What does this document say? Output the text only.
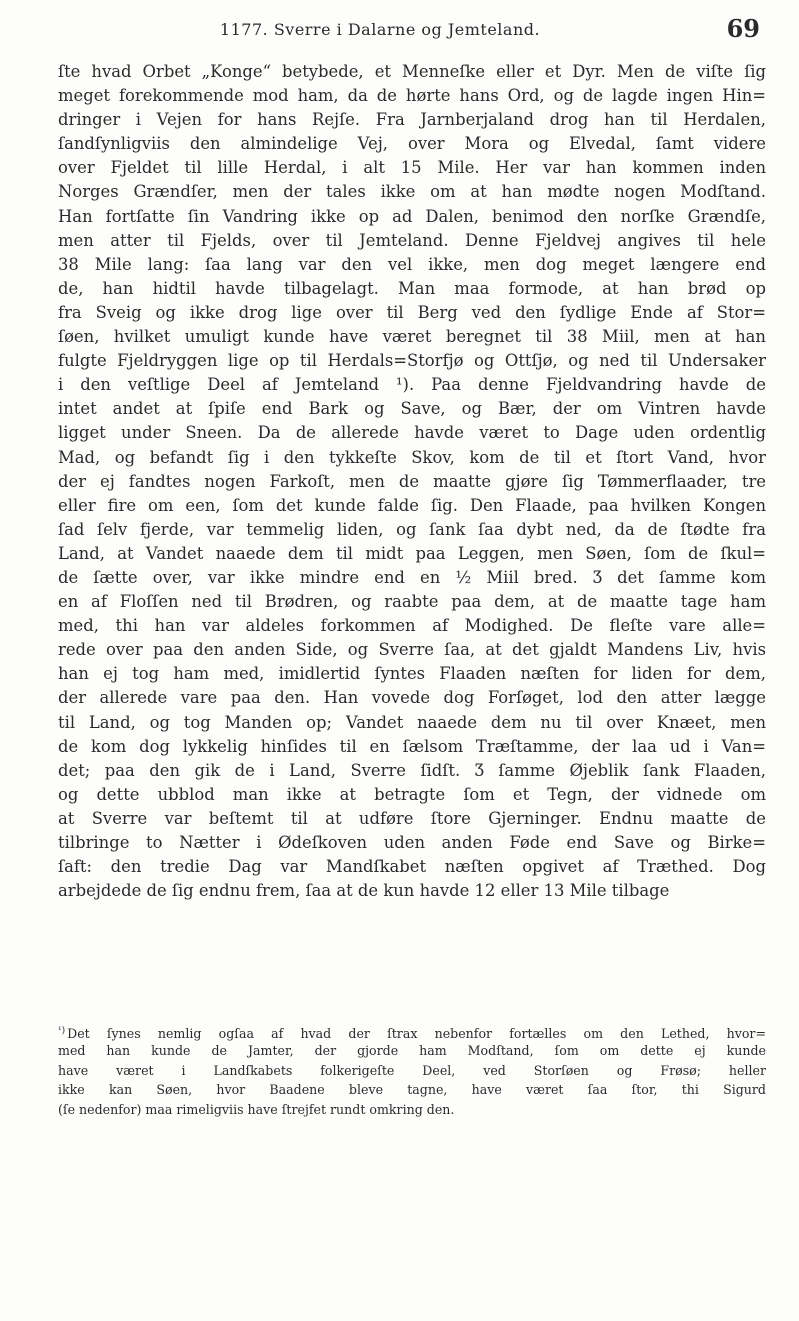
1177. Sverre i Dalarne og Jemteland.	69
ſte hvad Orbet „Konge“ betybede, et Menneſke eller et Dyr. Men de viſte ſig
meget forekommende mod ham, da de hørte hans Ord, og de lagde ingen Hin=
dringer i Vejen for hans Rejſe. Fra Jarnberjaland drog han til Herdalen,
ſandſynligviis den almindelige Vej, over Mora og Elvedal, ſamt videre
over Fjeldet til lille Herdal, i alt 15 Mile. Her var han kommen inden
Norges Grændſer, men der tales ikke om at han mødte nogen Modſtand.
Han fortſatte ſin Vandring ikke op ad Dalen, benimod den norſke Grændſe,
men atter til Fjelds, over til Jemteland. Denne Fjeldvej angives til hele
38 Mile lang: ſaa lang var den vel ikke, men dog meget længere end
de, han hidtil havde tilbagelagt. Man maa formode, at han brød op
fra Sveig og ikke drog lige over til Berg ved den ſydlige Ende af Stor=
ſøen, hvilket umuligt kunde have været beregnet til 38 Miil, men at han
fulgte Fjeldryggen lige op til Herdals=Storfjø og Ottſjø, og ned til Undersaker
i den veſtlige Deel af Jemteland ¹). Paa denne Fjeldvandring havde de
intet andet at ſpiſe end Bark og Save, og Bær, der om Vintren havde
ligget under Sneen. Da de allerede havde været to Dage uden ordentlig
Mad, og befandt ſig i den tykkeſte Skov, kom de til et ſtort Vand, hvor
der ej fandtes nogen Farkoſt, men de maatte gjøre ſig Tømmerflaader, tre
eller fire om een, ſom det kunde falde ſig. Den Flaade, paa hvilken Kongen
ſad ſelv fjerde, var temmelig liden, og ſank ſaa dybt ned, da de ſtødte fra
Land, at Vandet naaede dem til midt paa Leggen, men Søen, ſom de ſkul=
de ſætte over, var ikke mindre end en ½ Miil bred. Ʒ det ſamme kom
en af Floſſen ned til Brødren, og raabte paa dem, at de maatte tage ham
med, thi han var aldeles forkommen af Modighed. De fleſte vare alle=
rede over paa den anden Side, og Sverre ſaa, at det gjaldt Mandens Liv, hvis
han ej tog ham med, imidlertid ſyntes Flaaden næſten for liden for dem,
der allerede vare paa den. Han vovede dog Forſøget, lod den atter lægge
til Land, og tog Manden op; Vandet naaede dem nu til over Knæet, men
de kom dog lykkelig hinſides til en ſælsom Træſtamme, der laa ud i Van=
det; paa den gik de i Land, Sverre ſidſt. Ʒ ſamme Øjeblik ſank Flaaden,
og dette ubblod man ikke at betragte ſom et Tegn, der vidnede om
at Sverre var beſtemt til at udføre ſtore Gjerninger. Endnu maatte de
tilbringe to Nætter i Ødeſkoven uden anden Føde end Save og Birke=
ſaft: den tredie Dag var Mandſkabet næſten opgivet af Træthed. Dog
arbejdede de ſig endnu frem, ſaa at de kun havde 12 eller 13 Mile tilbage
$^{^1)}$ Det ſynes nemlig ogſaa af hvad der ſtrax nebenfor fortælles om den Lethed, hvor=
med han kunde de Jamter, der gjorde ham Modſtand, ſom om dette ej kunde
have været i Landſkabets folkerigeſte Deel, ved Storſøen og Frøsø; heller
ikke kan Søen, hvor Baadene bleve tagne, have været ſaa ſtor, thi Sigurd
(ſe nedenfor) maa rimeligviis have ſtrejfet rundt omkring den.
